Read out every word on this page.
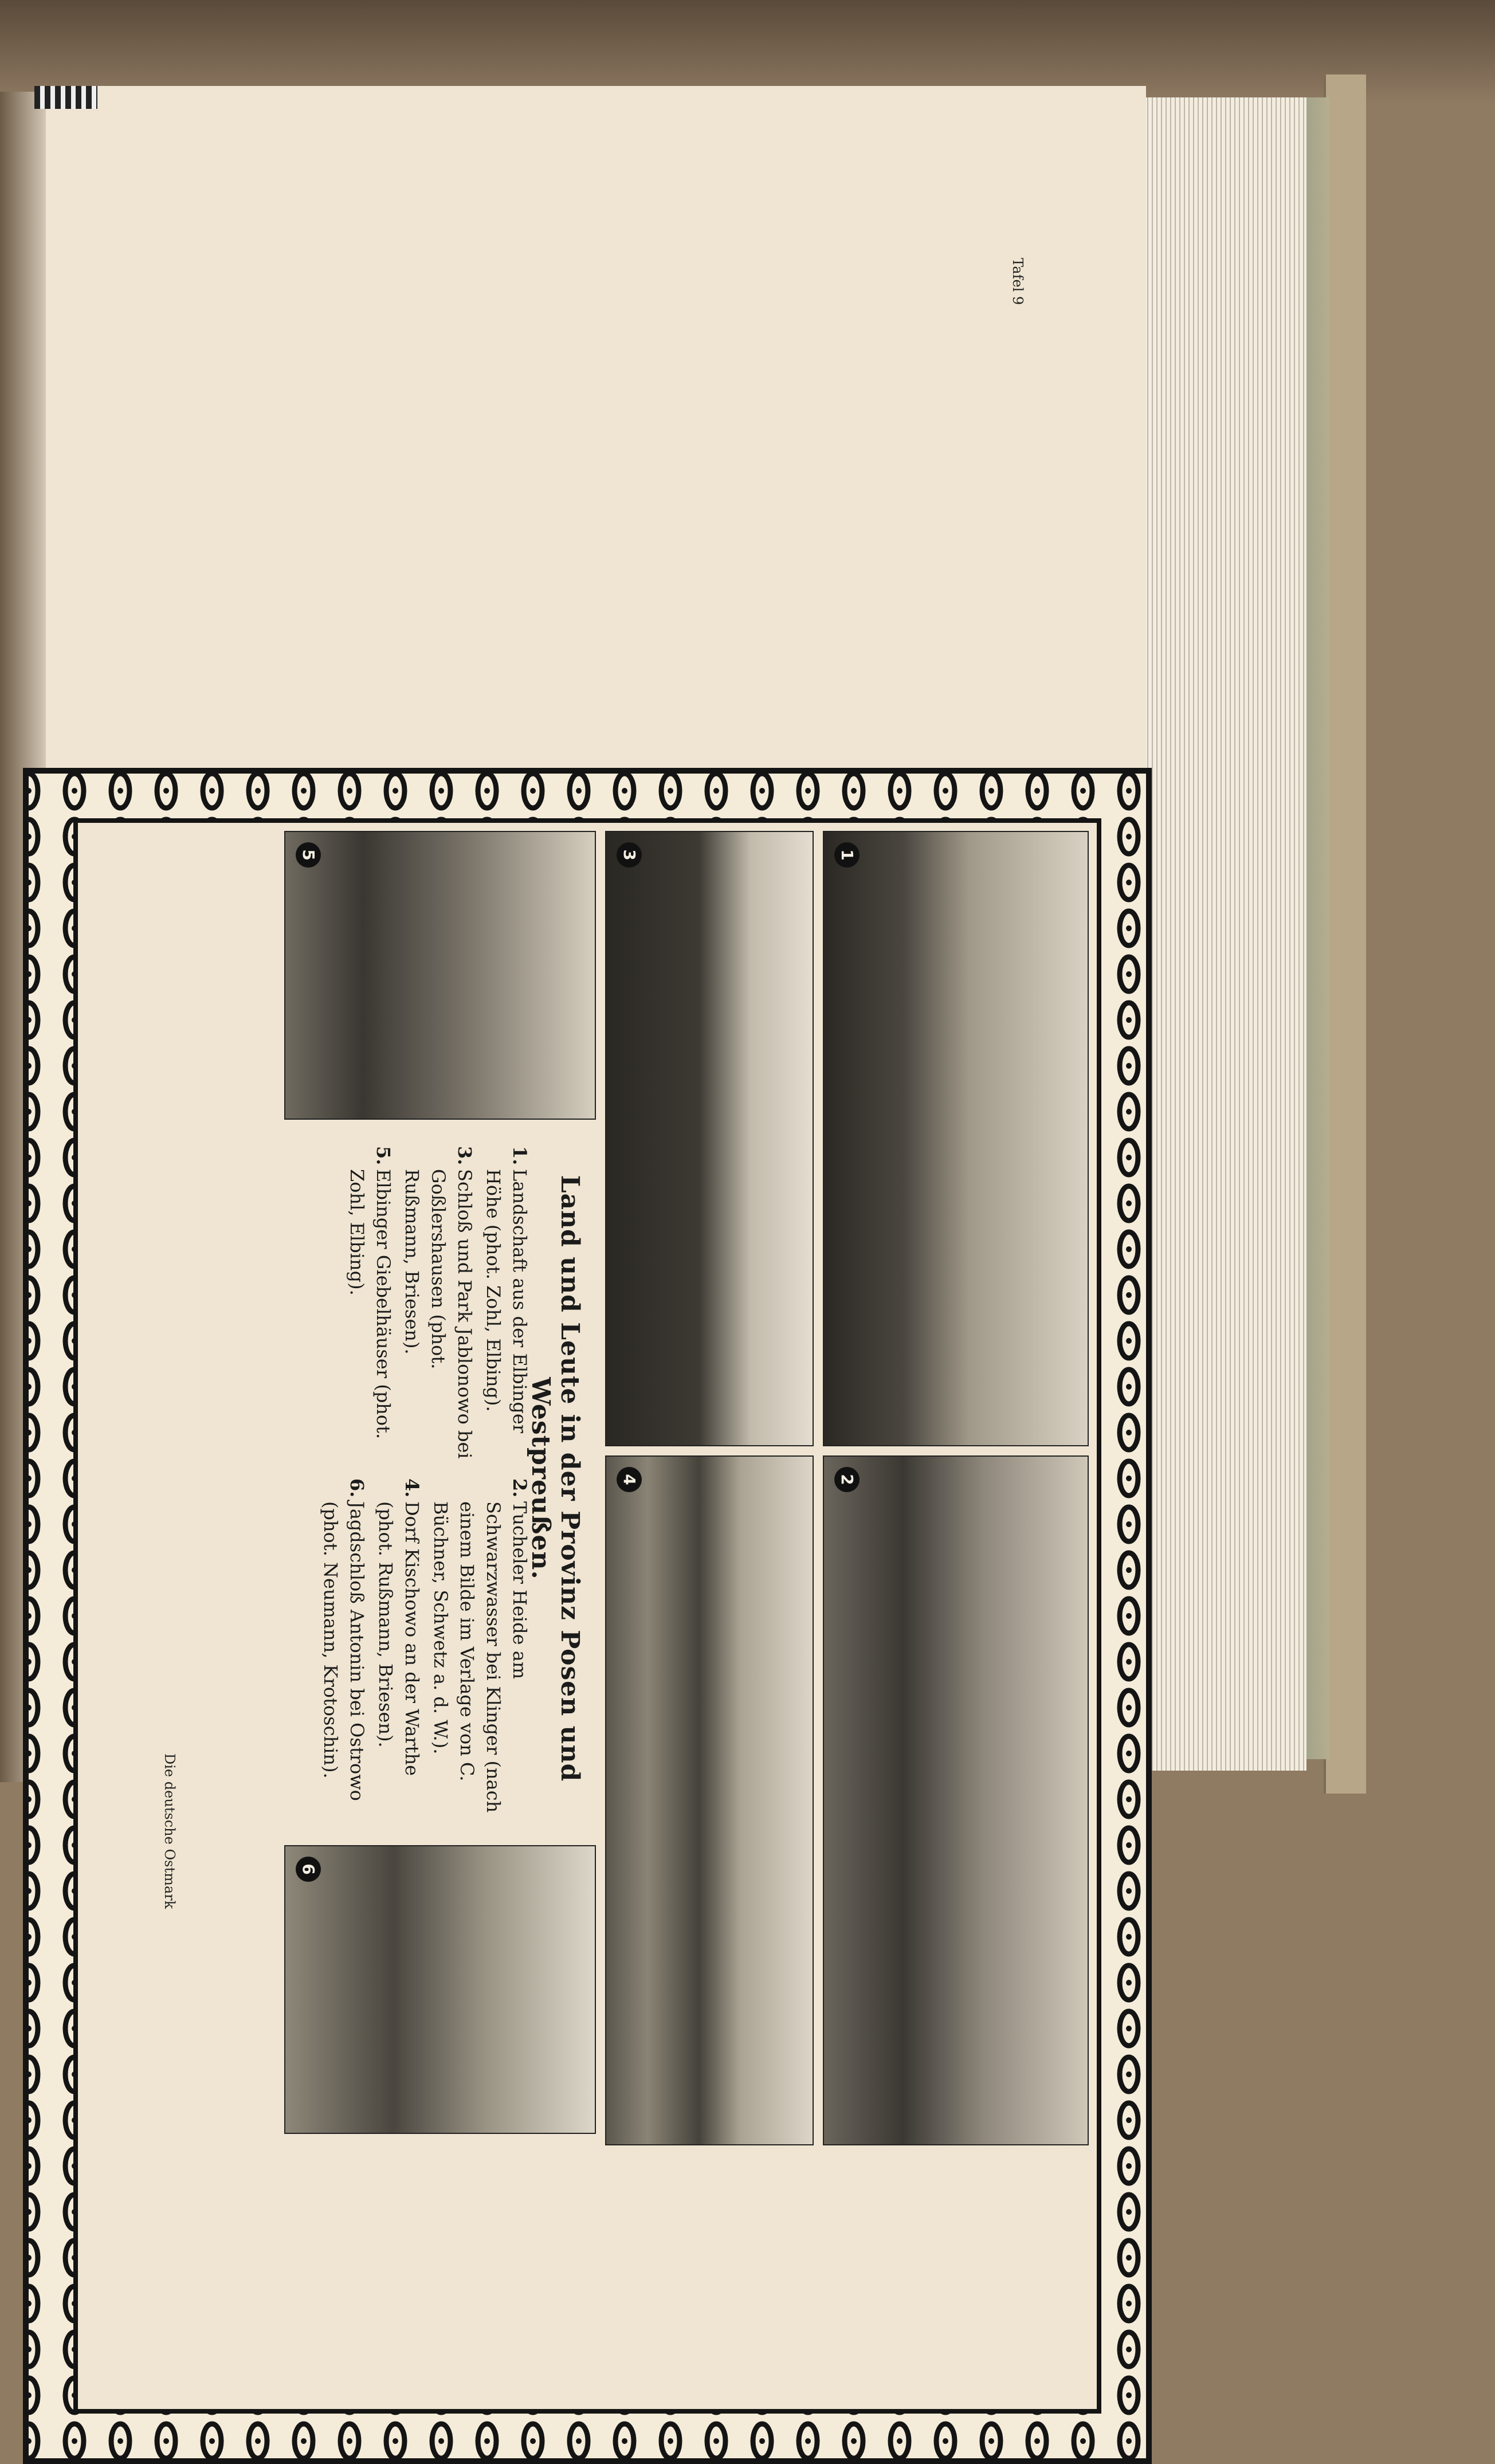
1
2
3
4
5
6
Land und Leute in der Provinz Posen und Westpreußen.
1.
Landschaft aus der Elbinger Höhe (phot. Zohl, Elbing).
3.
Schloß und Park Jablonowo bei Goßlershausen (phot. Rußmann, Briesen).
5.
Elbinger Giebelhäuser (phot. Zohl, Elbing).
2.
Tucheler Heide am Schwarzwasser bei Klinger (nach einem Bilde im Verlage von C. Büchner, Schwetz a. d. W.).
4.
Dorf Kischowo an der Warthe (phot. Rußmann, Briesen).
6.
Jagdschloß Antonin bei Ostrowo (phot. Neumann, Krotoschin).
Die deutsche Ostmark
Tafel 9
